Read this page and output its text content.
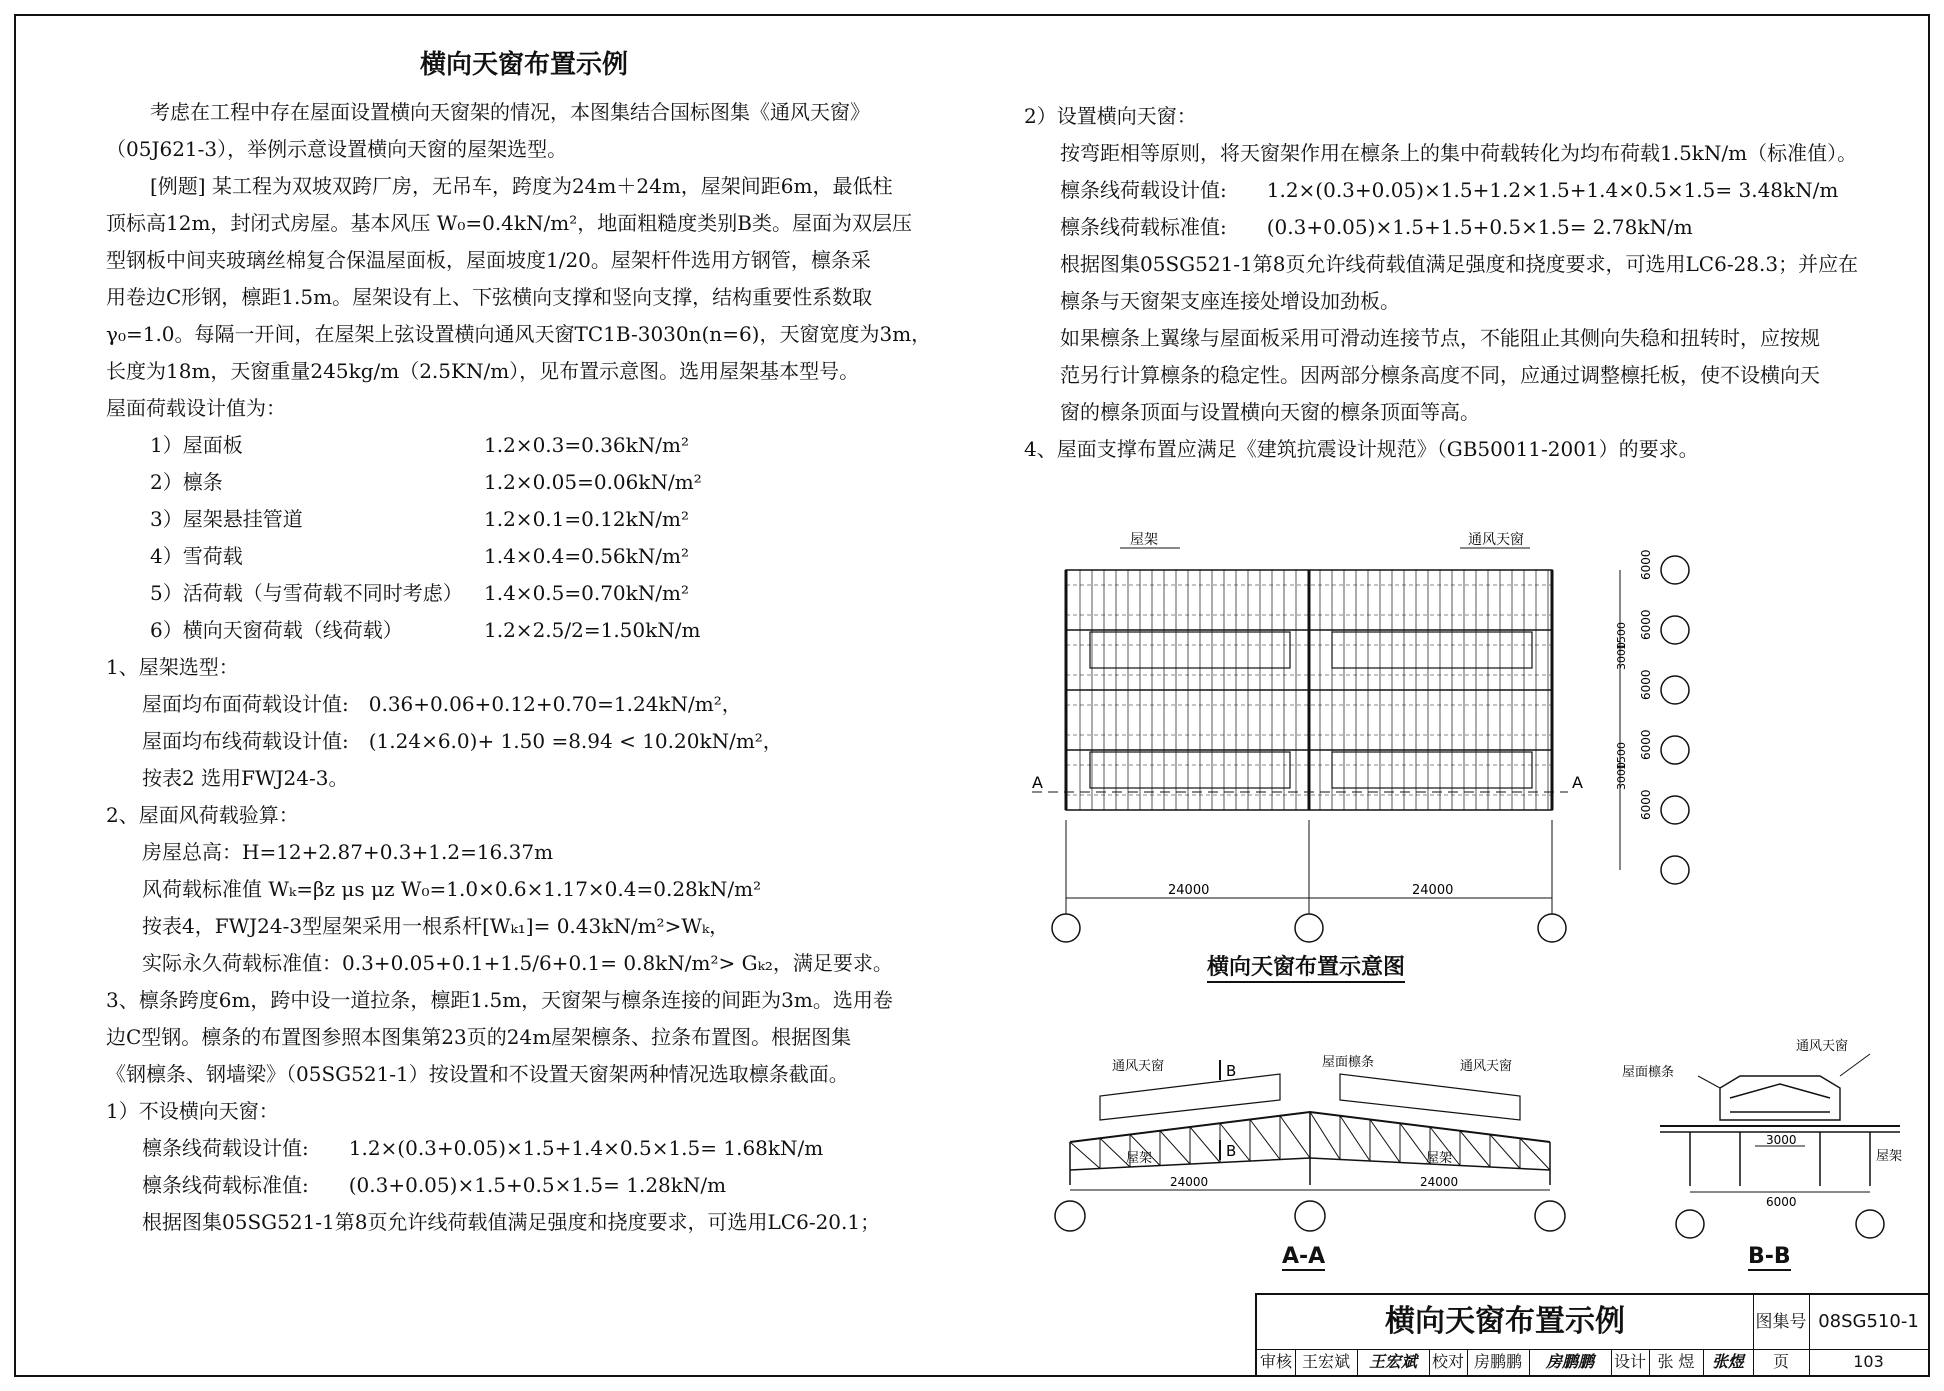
横向天窗布置示例

考虑在工程中存在屋面设置横向天窗架的情况，本图集结合国标图集《通风天窗》

（05J621-3），举例示意设置横向天窗的屋架选型。

[例题] 某工程为双坡双跨厂房，无吊车，跨度为24m＋24m，屋架间距6m，最低柱

顶标高12m，封闭式房屋。基本风压 W₀=0.4kN/m²，地面粗糙度类别B类。屋面为双层压

型钢板中间夹玻璃丝棉复合保温屋面板，屋面坡度1/20。屋架杆件选用方钢管，檩条采

用卷边C形钢，檩距1.5m。屋架设有上、下弦横向支撑和竖向支撑，结构重要性系数取

γ₀=1.0。每隔一开间，在屋架上弦设置横向通风天窗TC1B-3030n(n=6)，天窗宽度为3m，

长度为18m，天窗重量245kg/m（2.5KN/m），见布置示意图。选用屋架基本型号。

屋面荷载设计值为：

1）屋面板	1.2×0.3=0.36kN/m²
2）檩条	1.2×0.05=0.06kN/m²
3）屋架悬挂管道	1.2×0.1=0.12kN/m²
4）雪荷载	1.4×0.4=0.56kN/m²
5）活荷载（与雪荷载不同时考虑）	1.4×0.5=0.70kN/m²
6）横向天窗荷载（线荷载）	1.2×2.5/2=1.50kN/m

1、屋架选型：

屋面均布面荷载设计值:　0.36+0.06+0.12+0.70=1.24kN/m²，

屋面均布线荷载设计值:　(1.24×6.0)+ 1.50 =8.94 < 10.20kN/m²，

按表2 选用FWJ24-3。

2、屋面风荷载验算：

房屋总高：H=12+2.87+0.3+1.2=16.37m

风荷载标准值 Wₖ=βz μs μz W₀=1.0×0.6×1.17×0.4=0.28kN/m²

按表4，FWJ24-3型屋架采用一根系杆[Wₖ₁]= 0.43kN/m²>Wₖ，

实际永久荷载标准值：0.3+0.05+0.1+1.5/6+0.1= 0.8kN/m²> Gₖ₂，满足要求。

3、檩条跨度6m，跨中设一道拉条，檩距1.5m，天窗架与檩条连接的间距为3m。选用卷

边C型钢。檩条的布置图参照本图集第23页的24m屋架檩条、拉条布置图。根据图集

《钢檩条、钢墙梁》（05SG521-1）按设置和不设置天窗架两种情况选取檩条截面。

1）不设横向天窗：

檩条线荷载设计值:　　1.2×(0.3+0.05)×1.5+1.4×0.5×1.5= 1.68kN/m

檩条线荷载标准值:　　(0.3+0.05)×1.5+0.5×1.5= 1.28kN/m

根据图集05SG521-1第8页允许线荷载值满足强度和挠度要求，可选用LC6-20.1；

2）设置横向天窗：

按弯距相等原则，将天窗架作用在檩条上的集中荷载转化为均布荷载1.5kN/m（标准值）。

檩条线荷载设计值:　　1.2×(0.3+0.05)×1.5+1.2×1.5+1.4×0.5×1.5= 3.48kN/m

檩条线荷载标准值:　　(0.3+0.05)×1.5+1.5+0.5×1.5= 2.78kN/m

根据图集05SG521-1第8页允许线荷载值满足强度和挠度要求，可选用LC6-28.3；并应在

檩条与天窗架支座连接处增设加劲板。

如果檩条上翼缘与屋面板采用可滑动连接节点，不能阻止其侧向失稳和扭转时，应按规

范另行计算檩条的稳定性。因两部分檩条高度不同，应通过调整檩托板，使不设横向天

窗的檩条顶面与设置横向天窗的檩条顶面等高。

4、屋面支撑布置应满足《建筑抗震设计规范》（GB50011-2001）的要求。

屋架	通风天窗
A	A
24000	24000
6000
6000
6000
6000
6000
1500
3000
1500
3000
横向天窗布置示意图
通风天窗	通风天窗
屋面檩条
屋架	屋架
B
B
24000	24000
A-A
屋面檩条
通风天窗
屋架
3000
6000
B-B
横向天窗布置示例	图集号 08SG510-1
审核 王宏斌	王宏斌 校对 房鹏鹏	房鹏鹏	设计 张 煜	张煜	页	103
